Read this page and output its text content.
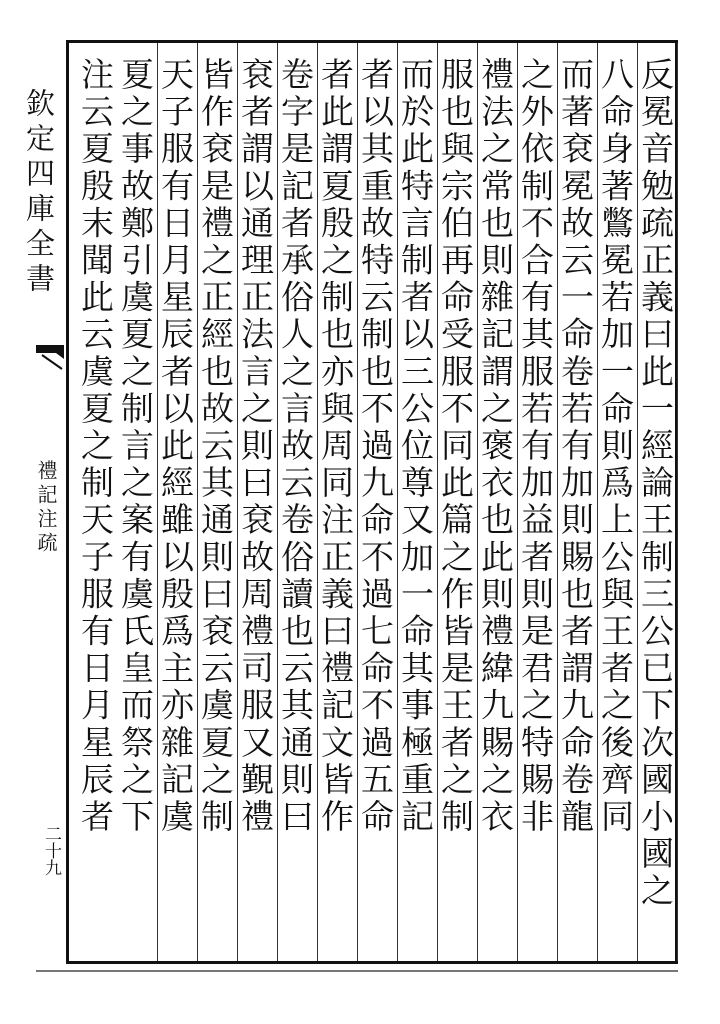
欽定四庫全書
禮記注疏
二十九	反冕音勉疏正義曰此一經論王制三公已下次國小國之
八命身著鷩冕若加一命則爲上公與王者之後齊同
而著袞冕故云一命卷若有加則賜也者謂九命卷龍
之外依制不合有其服若有加益者則是君之特賜非
禮法之常也則雜記謂之褒衣也此則禮緯九賜之衣
服也與宗伯再命受服不同此篇之作皆是王者之制
而於此特言制者以三公位尊又加一命其事極重記
者以其重故特云制也不過九命不過七命不過五命
者此謂夏殷之制也亦與周同注正義曰禮記文皆作
卷字是記者承俗人之言故云卷俗讀也云其通則曰
袞者謂以通理正法言之則曰袞故周禮司服又覲禮
皆作袞是禮之正經也故云其通則曰袞云虞夏之制
天子服有日月星辰者以此經雖以殷爲主亦雜記虞
夏之事故鄭引虞夏之制言之案有虞氏皇而祭之下
注云夏殷末聞此云虞夏之制天子服有日月星辰者
